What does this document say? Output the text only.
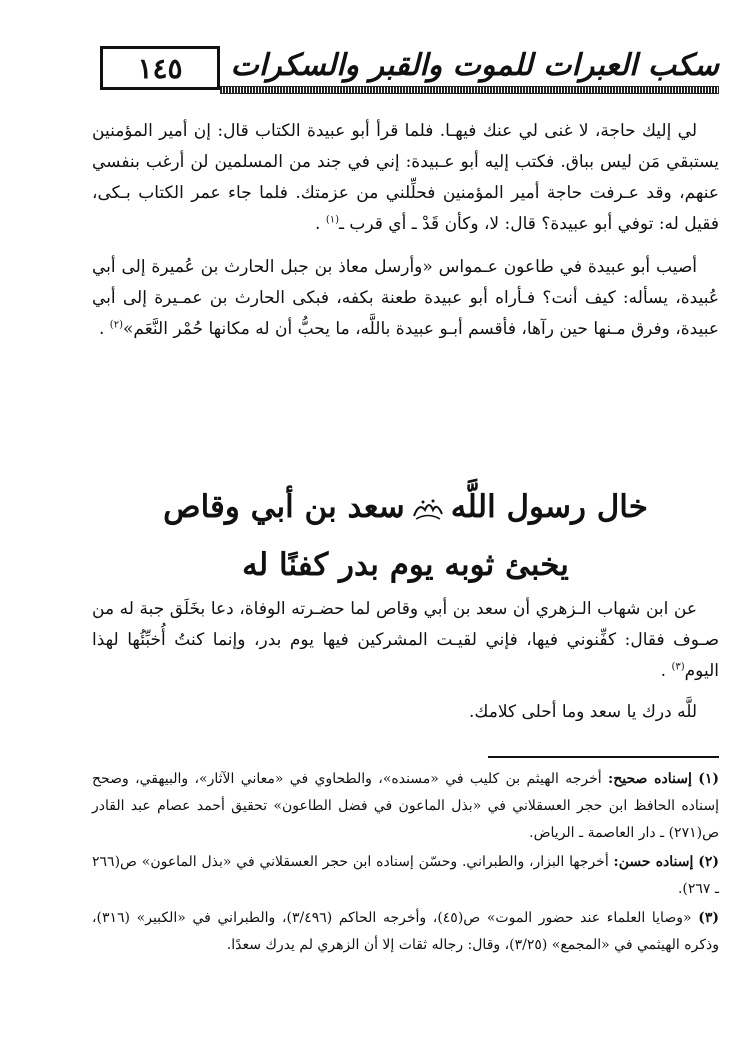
١٤٥ سكب العبرات للموت والقبر والسكرات

لي إليك حاجة، لا غنى لي عنك فيهـا. فلما قرأ أبو عبيدة الكتاب قال: إن أمير المؤمنين يستبقي مَن ليس بباق. فكتب إليه أبو عـبيدة: إني في جند من المسلمين لن أرغب بنفسي عنهم، وقد عـرفت حاجة أمير المؤمنين فحلِّلني من عزمتك. فلما جاء عمر الكتاب بـكى، فقيل له: توفي أبو عبيدة؟ قال: لا، وكأن قَدْ ـ أي قرب ـ$^{(١)}$ .

أصيب أبو عبيدة في طاعون عـمواس «وأرسل معاذ بن جبل الحارث بن عُميرة إلى أبي عُبيدة، يسأله: كيف أنت؟ فـأراه أبو عبيدة طعنة بكفه، فبكى الحارث بن عمـيرة إلى أبي عبيدة، وفرق مـنها حين رآها، فأقسم أبـو عبيدة باللَّه، ما يحبُّ أن له مكانها حُمْر النَّعَم»$^{(٢)}$ .

خال رسول اللَّهسعد بن أبي وقاص
يخبئ ثوبه يوم بدر كفنًا له

عن ابن شهاب الـزهري أن سعد بن أبي وقاص لما حضـرته الوفاة، دعا بخَلَق جبة له من صـوف فقال: كفِّنوني فيها، فإني لقيـت المشركين فيها يوم بدر، وإنما كنتُ أُخبِّئُها لهذا اليوم$^{(٣)}$ .

للَّه درك يا سعد وما أحلى كلامك.

(١) إسناده صحيح: أخرجه الهيثم بن كليب في «مسنده»، والطحاوي في «معاني الآثار»، والبيهقي، وصحح إسناده الحافظ ابن حجر العسقلاني في «بذل الماعون في فضل الطاعون» تحقيق أحمد عصام عبد القادر ص(٢٧١) ـ دار العاصمة ـ الرياض.

(٢) إسناده حسن: أخرجها البزار، والطبراني. وحسّن إسناده ابن حجر العسقلاني في «بذل الماعون» ص(٢٦٦ ـ ٢٦٧).

(٣) «وصايا العلماء عند حضور الموت» ص(٤٥)، وأخرجه الحاكم (٣/٤٩٦)، والطبراني في «الكبير» (٣١٦)، وذكره الهيثمي في «المجمع» (٣/٢٥)، وقال: رجاله ثقات إلا أن الزهري لم يدرك سعدًا.
